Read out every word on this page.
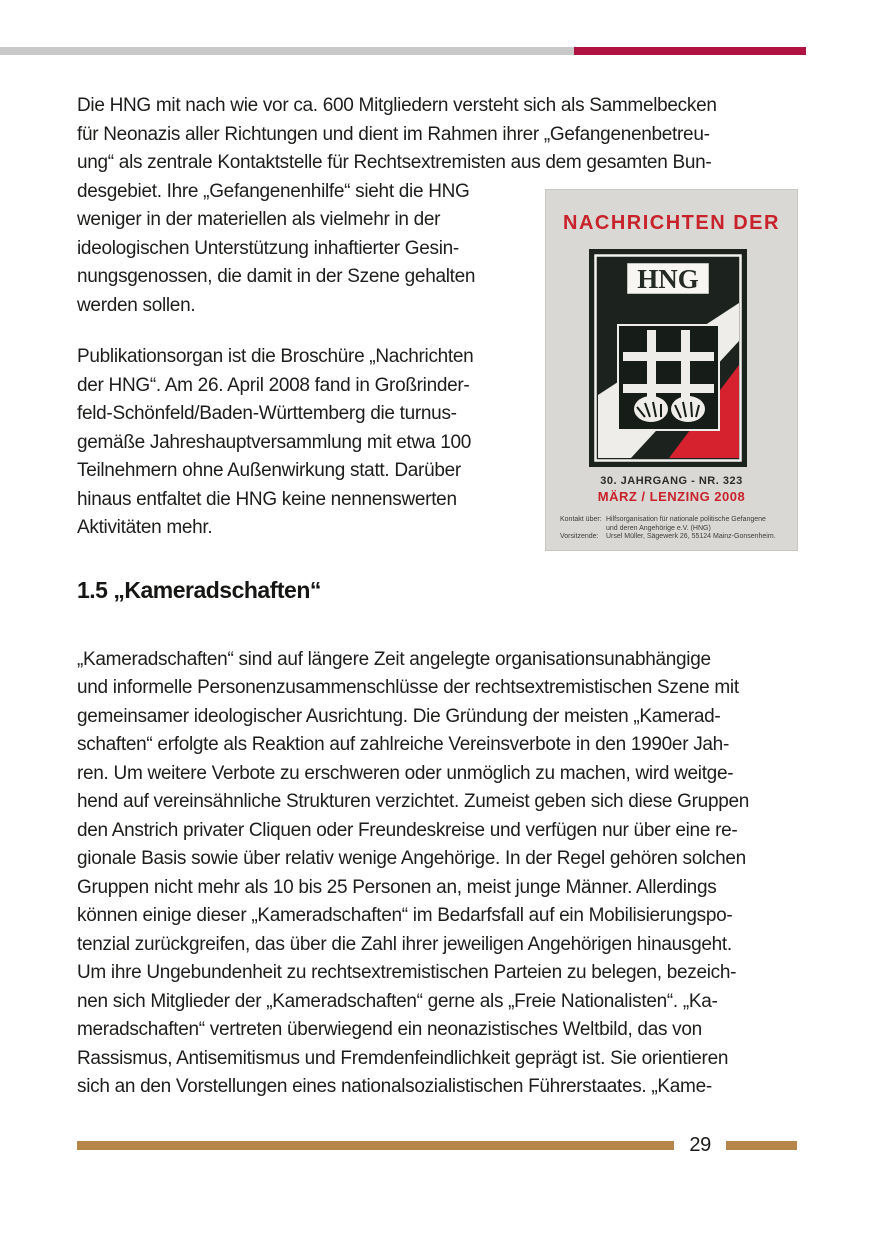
Die HNG mit nach wie vor ca. 600 Mitgliedern versteht sich als Sammelbecken
für Neonazis aller Richtungen und dient im Rahmen ihrer „Gefangenenbetreu-
ung“ als zentrale Kontaktstelle für Rechtsextremisten aus dem gesamten Bun-
desgebiet. Ihre „Gefangenenhilfe“ sieht die HNG
weniger in der materiellen als vielmehr in der
ideologischen Unterstützung inhaftierter Gesin-
nungsgenossen, die damit in der Szene gehalten
werden sollen.
Publikationsorgan ist die Broschüre „Nachrichten
der HNG“. Am 26. April 2008 fand in Großrinder-
feld-Schönfeld/Baden-Württemberg die turnus-
gemäße Jahreshauptversammlung mit etwa 100
Teilnehmern ohne Außenwirkung statt. Darüber
hinaus entfaltet die HNG keine nennenswerten
Aktivitäten mehr.
1.5 „Kameradschaften“
„Kameradschaften“ sind auf längere Zeit angelegte organisationsunabhängige
und informelle Personenzusammenschlüsse der rechtsextremistischen Szene mit
gemeinsamer ideologischer Ausrichtung. Die Gründung der meisten „Kamerad-
schaften“ erfolgte als Reaktion auf zahlreiche Vereinsverbote in den 1990er Jah-
ren. Um weitere Verbote zu erschweren oder unmöglich zu machen, wird weitge-
hend auf vereinsähnliche Strukturen verzichtet. Zumeist geben sich diese Gruppen
den Anstrich privater Cliquen oder Freundeskreise und verfügen nur über eine re-
gionale Basis sowie über relativ wenige Angehörige. In der Regel gehören solchen
Gruppen nicht mehr als 10 bis 25 Personen an, meist junge Männer. Allerdings
können einige dieser „Kameradschaften“ im Bedarfsfall auf ein Mobilisierungspo-
tenzial zurückgreifen, das über die Zahl ihrer jeweiligen Angehörigen hinausgeht.
Um ihre Ungebundenheit zu rechtsextremistischen Parteien zu belegen, bezeich-
nen sich Mitglieder der „Kameradschaften“ gerne als „Freie Nationalisten“. „Ka-
meradschaften“ vertreten überwiegend ein neonazistisches Weltbild, das von
Rassismus, Antisemitismus und Fremdenfeindlichkeit geprägt ist. Sie orientieren
sich an den Vorstellungen eines nationalsozialistischen Führerstaates. „Kame-
NACHRICHTEN DER
HNG
30. JAHRGANG - NR. 323
MÄRZ / LENZING 2008
Kontakt über: Hilfsorganisation für nationale politische Gefangene
und deren Angehörige e.V. (HNG)
Vorsitzende:	Ursel Müller, Sägewerk 26, 55124 Mainz-Gonsenheim.
29
